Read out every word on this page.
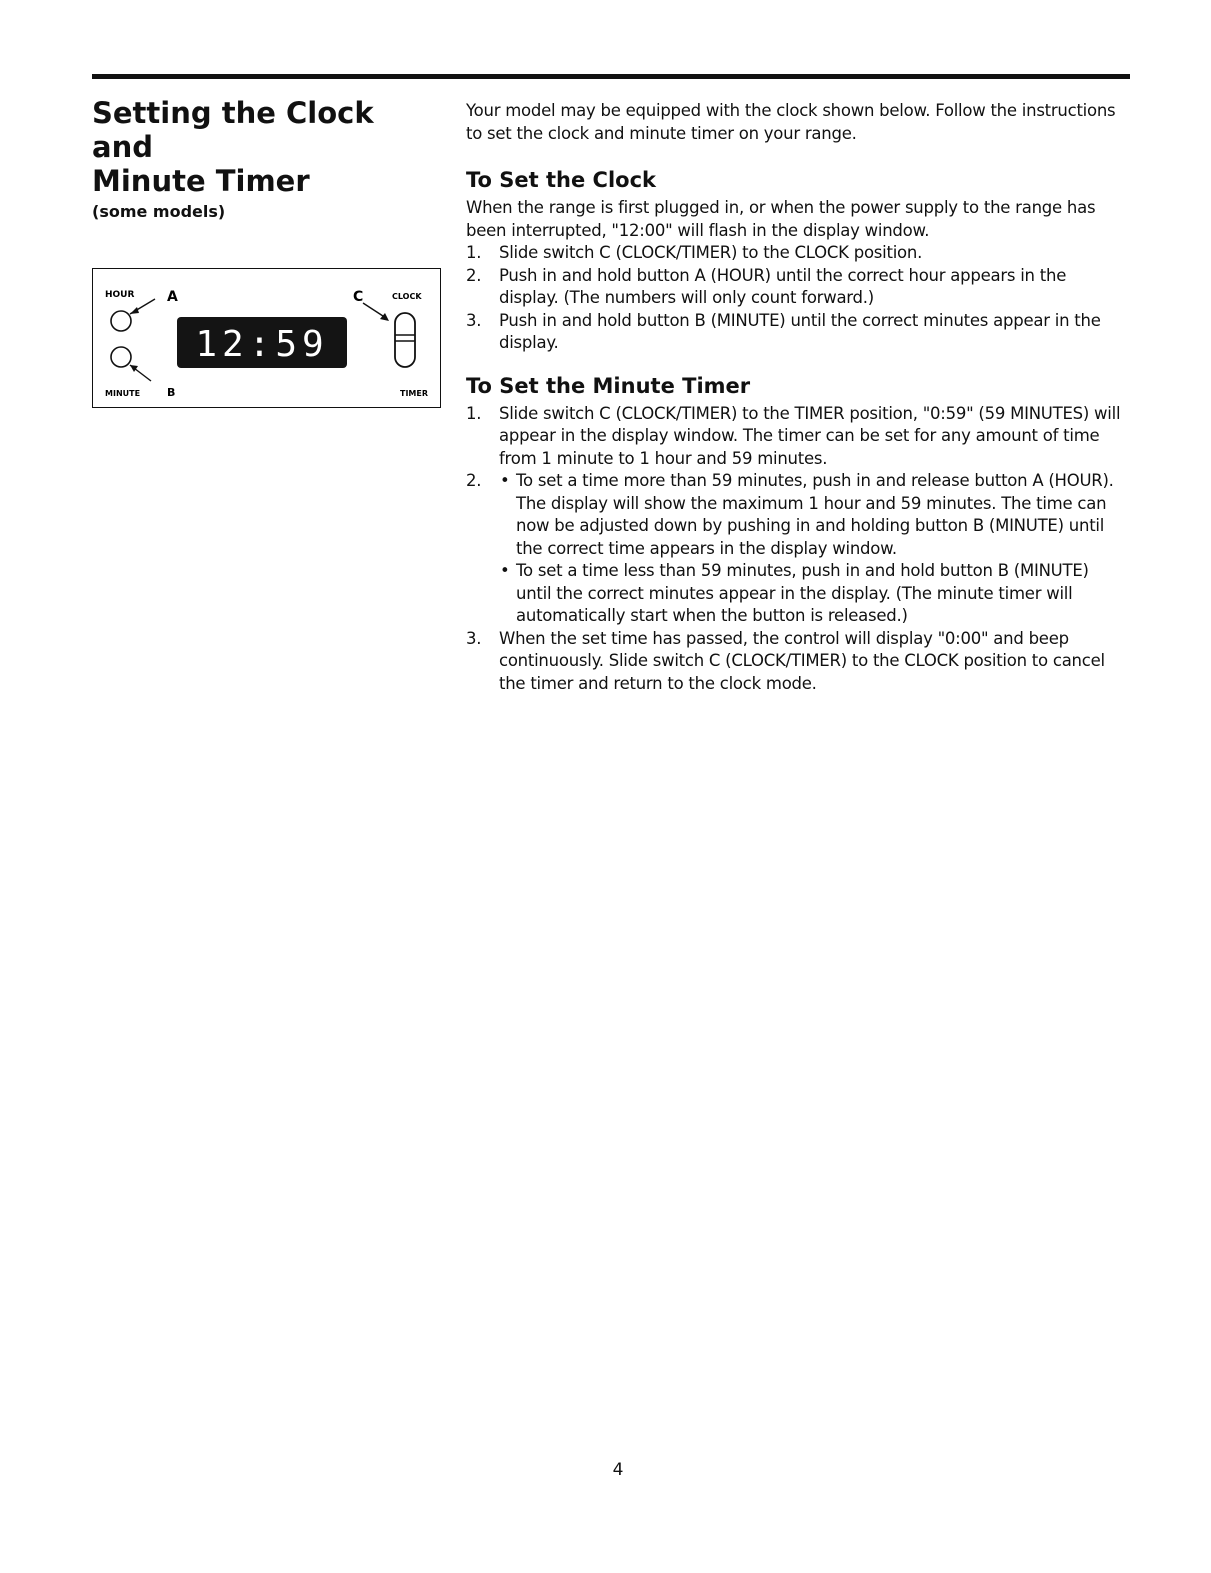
Setting the Clock and
Minute Timer
(some models)
HOUR A
MINUTE B
12:59
C	CLOCK
TIMER

Your model may be equipped with the clock shown below. Follow the instructions to set the clock and minute timer on your range.

To Set the Clock

When the range is first plugged in, or when the power supply to the range has been interrupted, "12:00" will flash in the display window.

1. Slide switch C (CLOCK/TIMER) to the CLOCK position.
2. Push in and hold button A (HOUR) until the correct hour appears in the display. (The numbers will only count forward.)
3. Push in and hold button B (MINUTE) until the correct minutes appear in the display.
To Set the Minute Timer
1. Slide switch C (CLOCK/TIMER) to the TIMER position, "0:59" (59 MINUTES) will appear in the display window. The timer can be set for any amount of time from 1 minute to 1 hour and 59 minutes.
2.
•	To set a time more than 59 minutes, push in and release button A (HOUR). The display will show the maximum 1 hour and 59 minutes. The time can now be adjusted down by pushing in and holding button B (MINUTE) until the correct time appears in the display window.
• To set a time less than 59 minutes, push in and hold button B (MINUTE) until the correct minutes appear in the display. (The minute timer will automatically start when the button is released.)
3. When the set time has passed, the control will display "0:00" and beep continuously. Slide switch C (CLOCK/TIMER) to the CLOCK position to cancel the timer and return to the clock mode.
4
